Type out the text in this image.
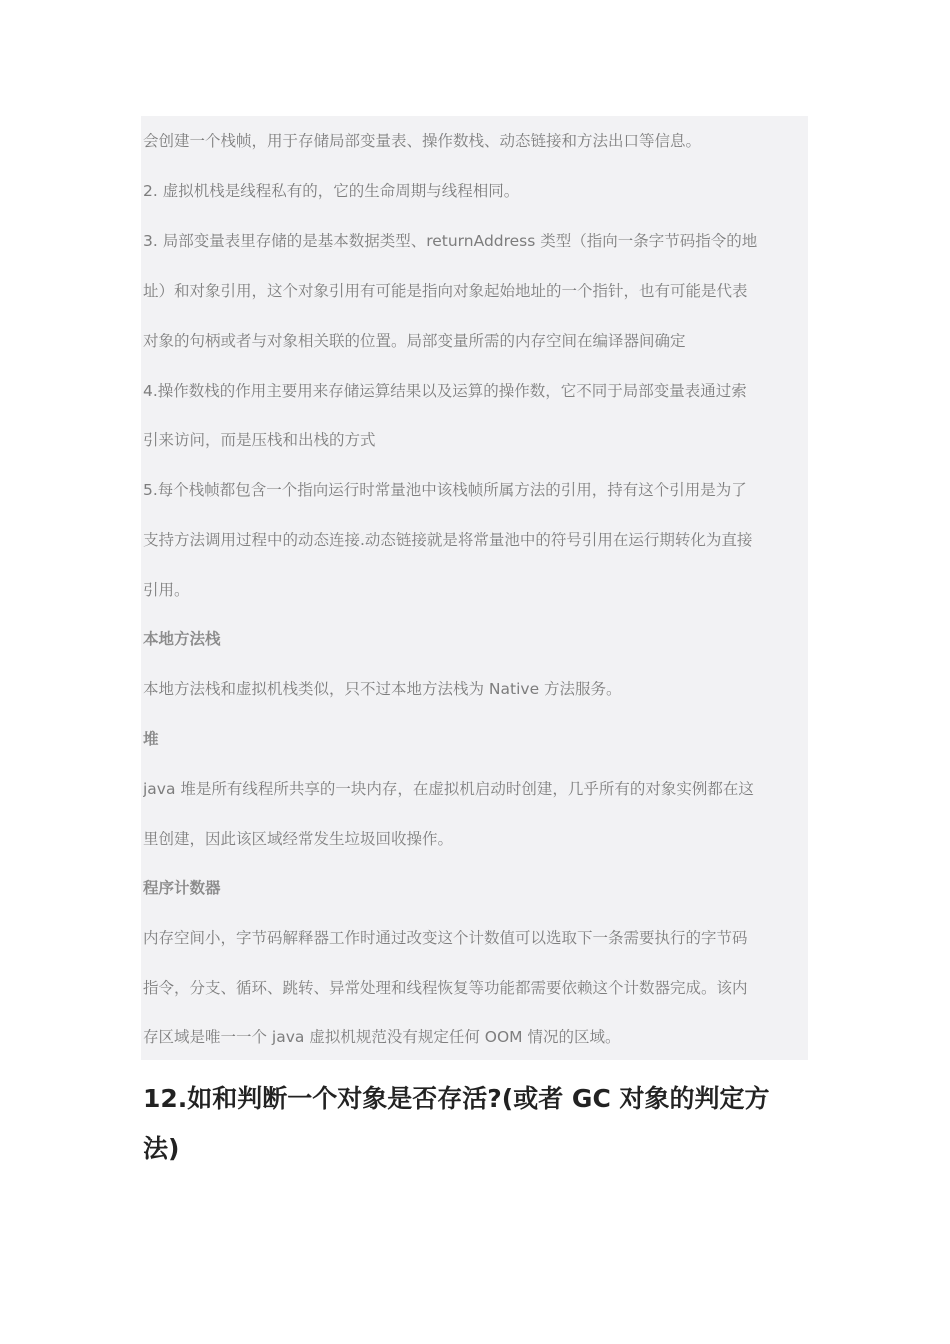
会创建一个栈帧，用于存储局部变量表、操作数栈、动态链接和方法出口等信息。
2. 虚拟机栈是线程私有的，它的生命周期与线程相同。
3. 局部变量表里存储的是基本数据类型、returnAddress 类型（指向一条字节码指令的地
址）和对象引用，这个对象引用有可能是指向对象起始地址的一个指针，也有可能是代表
对象的句柄或者与对象相关联的位置。局部变量所需的内存空间在编译器间确定
4.操作数栈的作用主要用来存储运算结果以及运算的操作数，它不同于局部变量表通过索
引来访问，而是压栈和出栈的方式
5.每个栈帧都包含一个指向运行时常量池中该栈帧所属方法的引用，持有这个引用是为了
支持方法调用过程中的动态连接.动态链接就是将常量池中的符号引用在运行期转化为直接
引用。
本地方法栈
本地方法栈和虚拟机栈类似，只不过本地方法栈为 Native 方法服务。
堆
java 堆是所有线程所共享的一块内存，在虚拟机启动时创建，几乎所有的对象实例都在这
里创建，因此该区域经常发生垃圾回收操作。
程序计数器
内存空间小，字节码解释器工作时通过改变这个计数值可以选取下一条需要执行的字节码
指令，分支、循环、跳转、异常处理和线程恢复等功能都需要依赖这个计数器完成。该内
存区域是唯一一个 java 虚拟机规范没有规定任何 OOM 情况的区域。
12.如和判断一个对象是否存活?(或者 GC 对象的判定方
法)
